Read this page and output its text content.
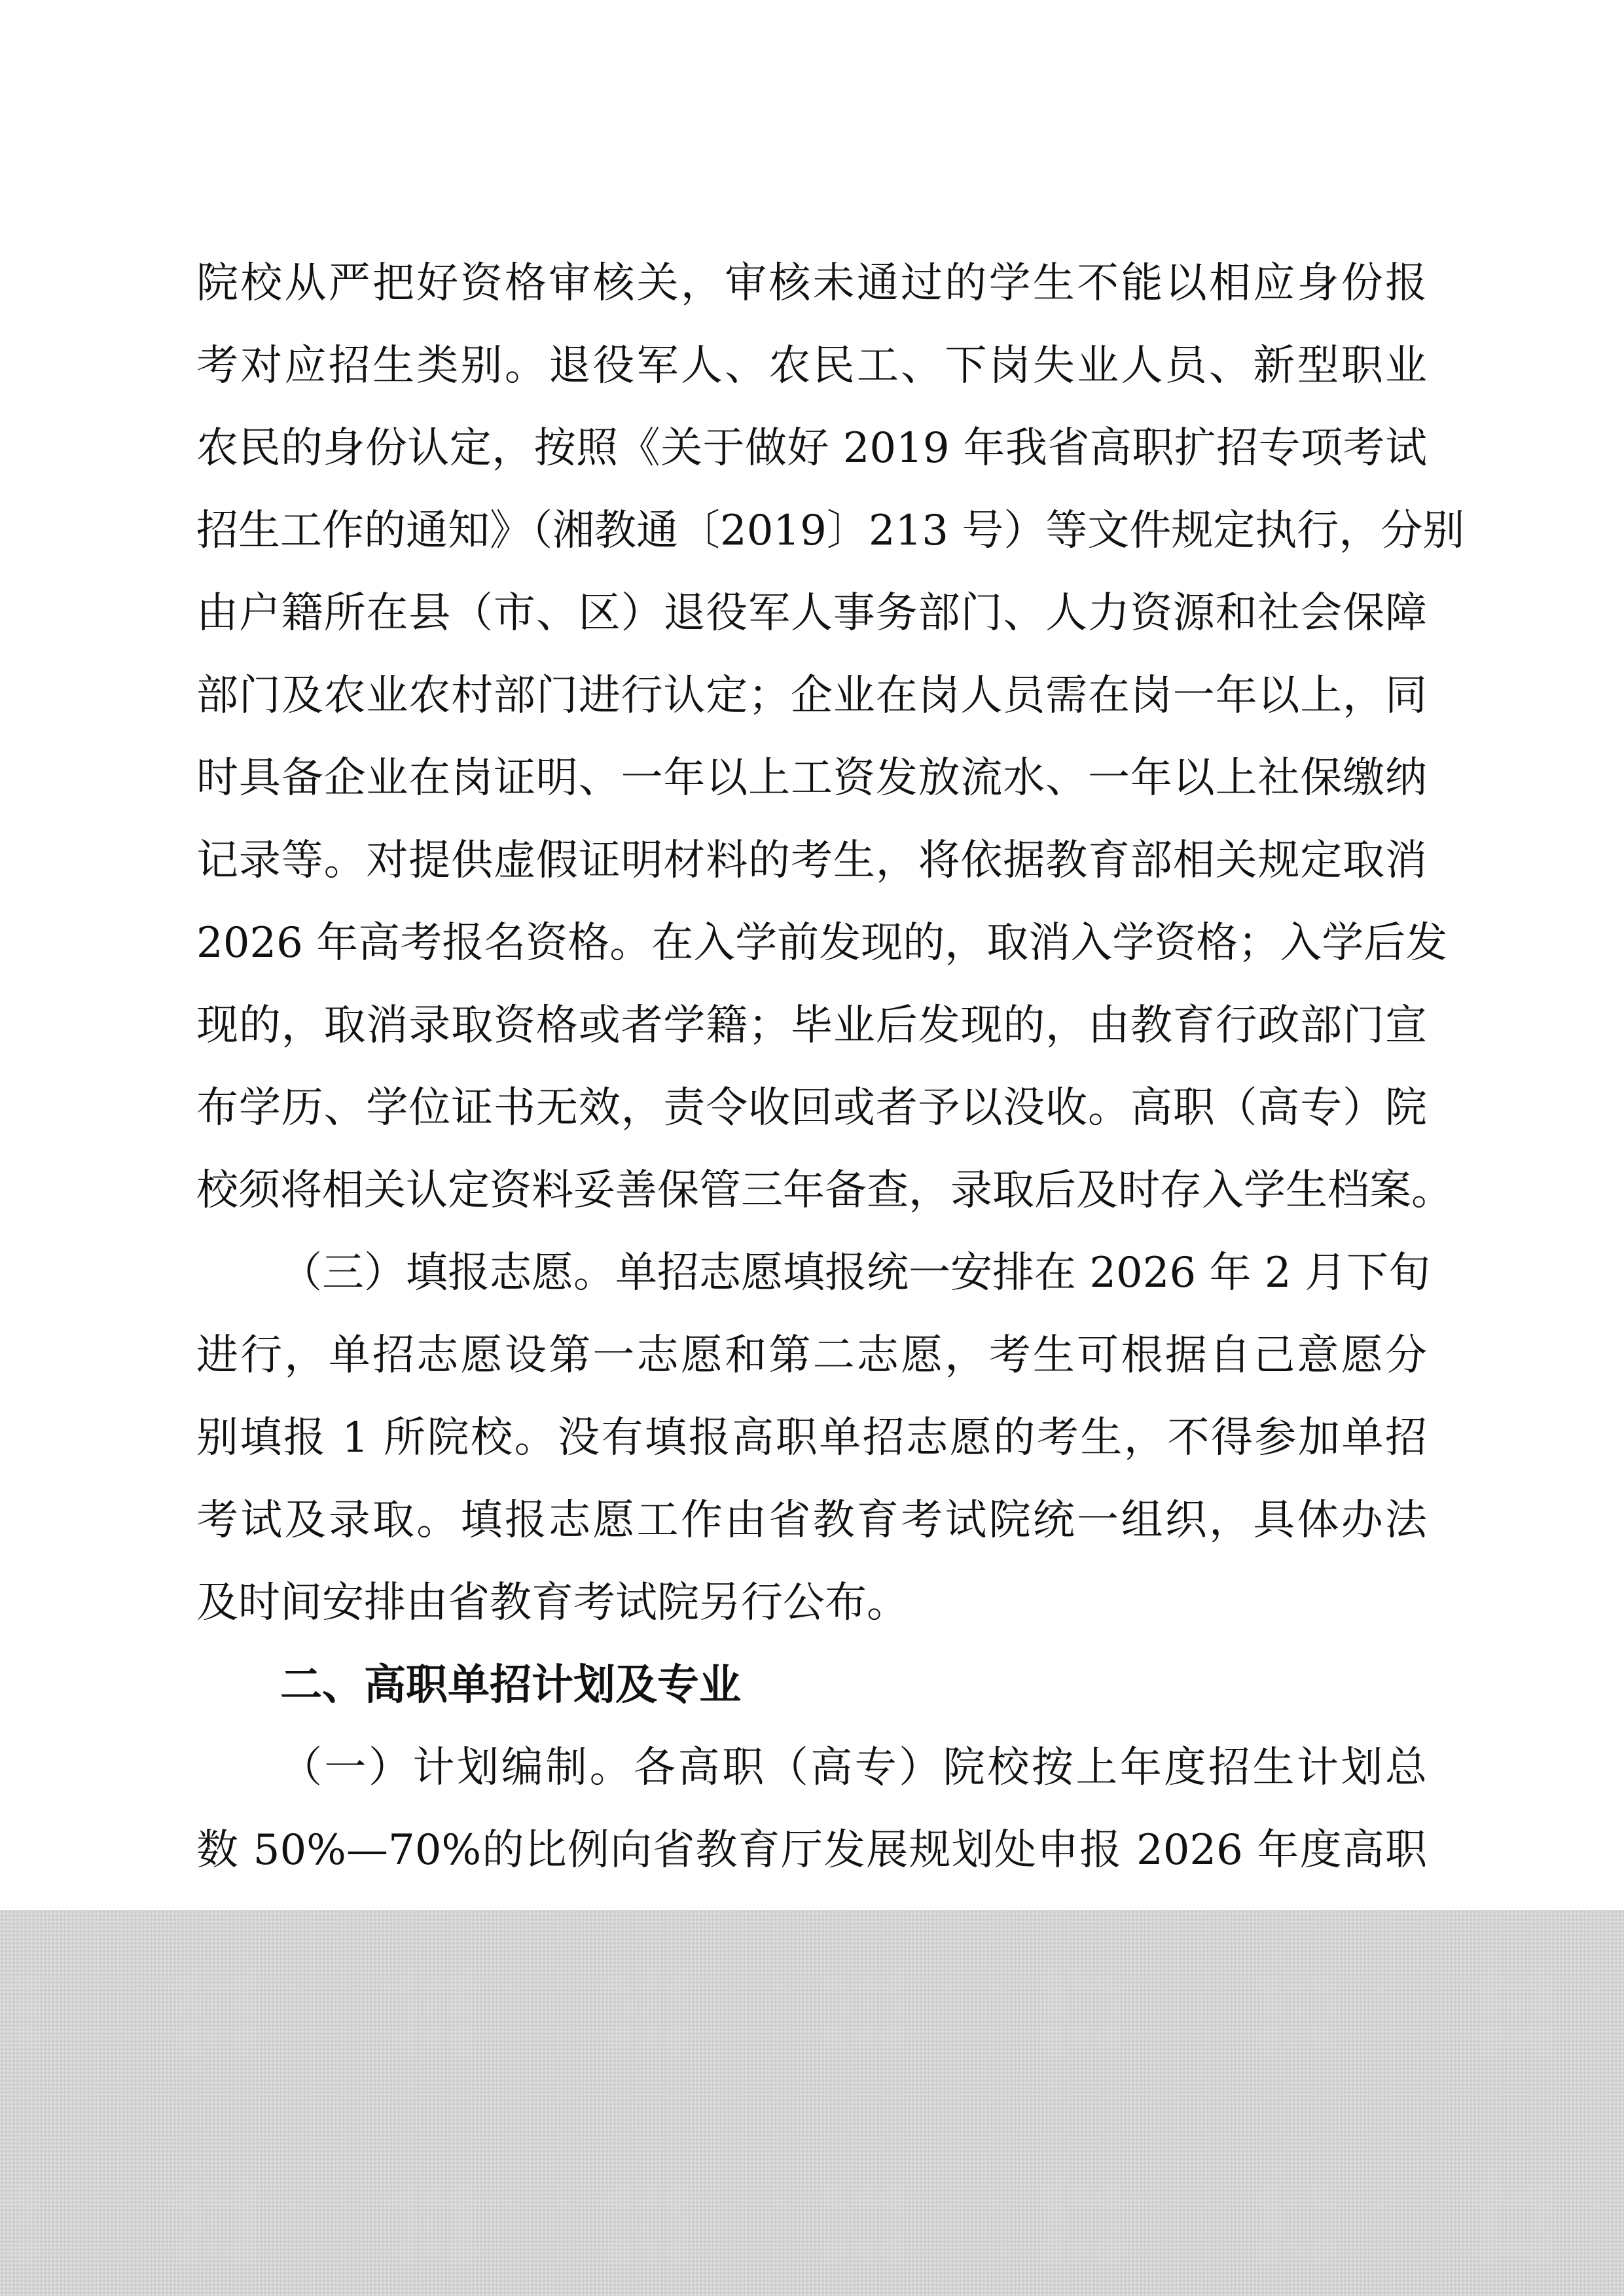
院校从严把好资格审核关，审核未通过的学生不能以相应身份报
考对应招生类别。退役军人、农民工、下岗失业人员、新型职业
农民的身份认定，按照《关于做好 2019 年我省高职扩招专项考试
招生工作的通知》（湘教通〔2019〕213 号）等文件规定执行，分别
由户籍所在县（市、区）退役军人事务部门、人力资源和社会保障
部门及农业农村部门进行认定；企业在岗人员需在岗一年以上，同
时具备企业在岗证明、一年以上工资发放流水、一年以上社保缴纳
记录等。对提供虚假证明材料的考生，将依据教育部相关规定取消
2026 年高考报名资格。在入学前发现的，取消入学资格；入学后发
现的，取消录取资格或者学籍；毕业后发现的，由教育行政部门宣
布学历、学位证书无效，责令收回或者予以没收。高职（高专）院
校须将相关认定资料妥善保管三年备查，录取后及时存入学生档案。
（三）填报志愿。单招志愿填报统一安排在 2026 年 2 月下旬
进行，单招志愿设第一志愿和第二志愿，考生可根据自己意愿分
别填报 1 所院校。没有填报高职单招志愿的考生，不得参加单招
考试及录取。填报志愿工作由省教育考试院统一组织，具体办法
及时间安排由省教育考试院另行公布。
二、高职单招计划及专业
（一）计划编制。各高职（高专）院校按上年度招生计划总
数 50%—70%的比例向省教育厅发展规划处申报 2026 年度高职
